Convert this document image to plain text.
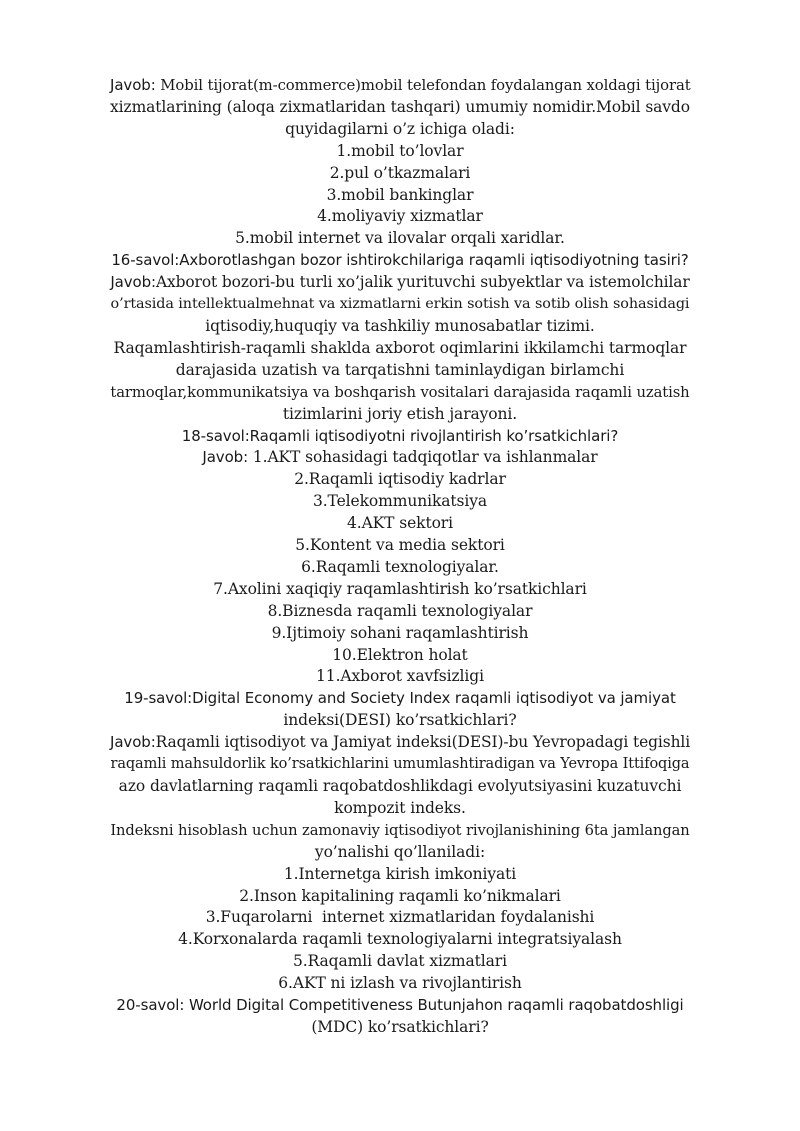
Javob: Mobil tijorat(m-commerce)mobil telefondan foydalangan xoldagi tijorat
xizmatlarining (aloqa zixmatlaridan tashqari) umumiy nomidir.Mobil savdo
quyidagilarni o’z ichiga oladi:
1.mobil to’lovlar
2.pul o’tkazmalari
3.mobil bankinglar
4.moliyaviy xizmatlar
5.mobil internet va ilovalar orqali xaridlar.
16-savol:Axborotlashgan bozor ishtirokchilariga raqamli iqtisodiyotning tasiri?
Javob:Axborot bozori-bu turli xo’jalik yurituvchi subyektlar va istemolchilar
o’rtasida intellektualmehnat va xizmatlarni erkin sotish va sotib olish sohasidagi
iqtisodiy,huquqiy va tashkiliy munosabatlar tizimi.
Raqamlashtirish-raqamli shaklda axborot oqimlarini ikkilamchi tarmoqlar
darajasida uzatish va tarqatishni taminlaydigan birlamchi
tarmoqlar,kommunikatsiya va boshqarish vositalari darajasida raqamli uzatish
tizimlarini joriy etish jarayoni.
18-savol:Raqamli iqtisodiyotni rivojlantirish ko’rsatkichlari?
Javob: 1.AKT sohasidagi tadqiqotlar va ishlanmalar
2.Raqamli iqtisodiy kadrlar
3.Telekommunikatsiya
4.AKT sektori
5.Kontent va media sektori
6.Raqamli texnologiyalar.
7.Axolini xaqiqiy raqamlashtirish ko’rsatkichlari
8.Biznesda raqamli texnologiyalar
9.Ijtimoiy sohani raqamlashtirish
10.Elektron holat
11.Axborot xavfsizligi
19-savol:Digital Economy and Society Index raqamli iqtisodiyot va jamiyat
indeksi(DESI) ko’rsatkichlari?
Javob:Raqamli iqtisodiyot va Jamiyat indeksi(DESI)-bu Yevropadagi tegishli
raqamli mahsuldorlik ko’rsatkichlarini umumlashtiradigan va Yevropa Ittifoqiga
azo davlatlarning raqamli raqobatdoshlikdagi evolyutsiyasini kuzatuvchi
kompozit indeks.
Indeksni hisoblash uchun zamonaviy iqtisodiyot rivojlanishining 6ta jamlangan
yo’nalishi qo’llaniladi:
1.Internetga kirish imkoniyati
2.Inson kapitalining raqamli ko’nikmalari
3.Fuqarolarni  internet xizmatlaridan foydalanishi
4.Korxonalarda raqamli texnologiyalarni integratsiyalash
5.Raqamli davlat xizmatlari
6.AKT ni izlash va rivojlantirish
20-savol: World Digital Competitiveness Butunjahon raqamli raqobatdoshligi
(MDC) ko’rsatkichlari?
